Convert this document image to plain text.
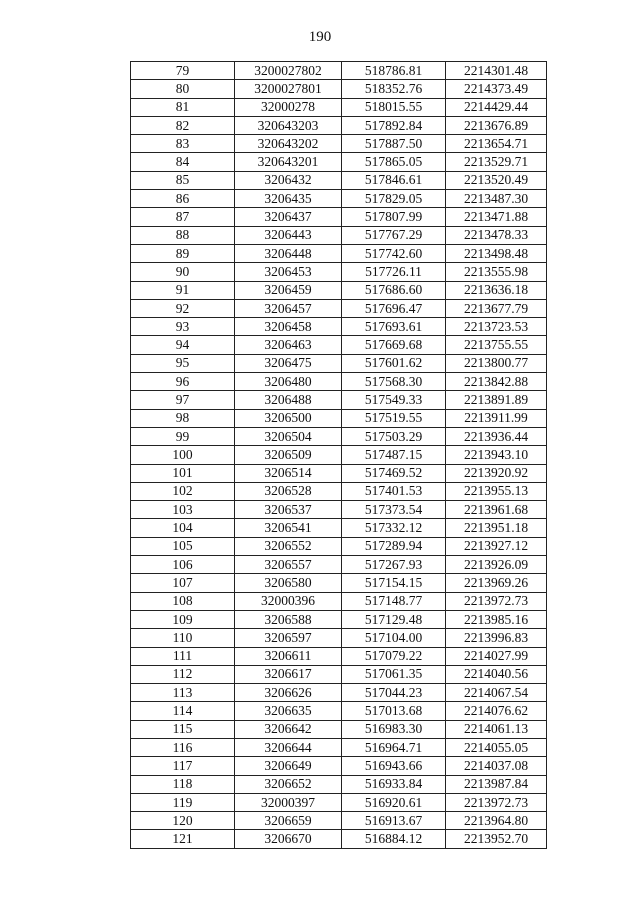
190
79	3200027802	518786.81	2214301.48
80	3200027801	518352.76	2214373.49
81	32000278	518015.55	2214429.44
82	320643203	517892.84	2213676.89
83	320643202	517887.50	2213654.71
84	320643201	517865.05	2213529.71
85	3206432	517846.61	2213520.49
86	3206435	517829.05	2213487.30
87	3206437	517807.99	2213471.88
88	3206443	517767.29	2213478.33
89	3206448	517742.60	2213498.48
90	3206453	517726.11	2213555.98
91	3206459	517686.60	2213636.18
92	3206457	517696.47	2213677.79
93	3206458	517693.61	2213723.53
94	3206463	517669.68	2213755.55
95	3206475	517601.62	2213800.77
96	3206480	517568.30	2213842.88
97	3206488	517549.33	2213891.89
98	3206500	517519.55	2213911.99
99	3206504	517503.29	2213936.44
100	3206509	517487.15	2213943.10
101	3206514	517469.52	2213920.92
102	3206528	517401.53	2213955.13
103	3206537	517373.54	2213961.68
104	3206541	517332.12	2213951.18
105	3206552	517289.94	2213927.12
106	3206557	517267.93	2213926.09
107	3206580	517154.15	2213969.26
108	32000396	517148.77	2213972.73
109	3206588	517129.48	2213985.16
110	3206597	517104.00	2213996.83
111	3206611	517079.22	2214027.99
112	3206617	517061.35	2214040.56
113	3206626	517044.23	2214067.54
114	3206635	517013.68	2214076.62
115	3206642	516983.30	2214061.13
116	3206644	516964.71	2214055.05
117	3206649	516943.66	2214037.08
118	3206652	516933.84	2213987.84
119	32000397	516920.61	2213972.73
120	3206659	516913.67	2213964.80
121	3206670	516884.12	2213952.70
